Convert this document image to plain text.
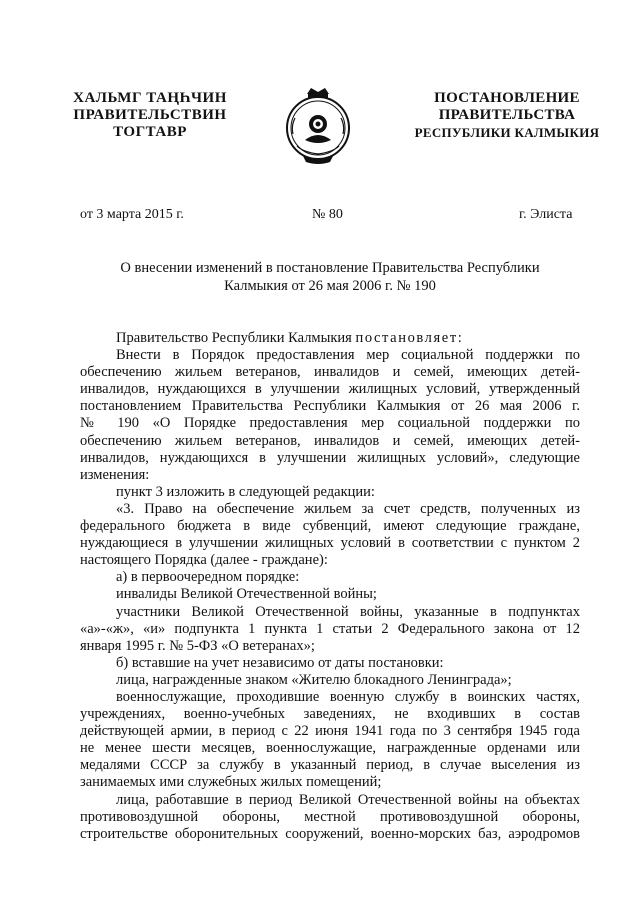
ХАЛЬМГ ТАҢҺЧИН
ПРАВИТЕЛЬСТВИН
ТОГТАВР
ПОСТАНОВЛЕНИЕ
ПРАВИТЕЛЬСТВА
РЕСПУБЛИКИ КАЛМЫКИЯ
от 3 марта 2015 г.	№ 80	г. Элиста
О внесении изменений в постановление Правительства Республики
Калмыкия от 26 мая 2006 г. № 190
Правительство Республики Калмыкия постановляет:
Внести в Порядок предоставления мер социальной поддержки по
обеспечению жильем ветеранов, инвалидов и семей, имеющих детей-
инвалидов, нуждающихся в улучшении жилищных условий, утвержденный
постановлением Правительства Республики Калмыкия от 26 мая 2006 г.
№ 190 «О Порядке предоставления мер социальной поддержки по
обеспечению жильем ветеранов, инвалидов и семей, имеющих детей-
инвалидов, нуждающихся в улучшении жилищных условий», следующие
изменения:
пункт 3 изложить в следующей редакции:
«3. Право на обеспечение жильем за счет средств, полученных из
федерального бюджета в виде субвенций, имеют следующие граждане,
нуждающиеся в улучшении жилищных условий в соответствии с пунктом 2
настоящего Порядка (далее - граждане):
а) в первоочередном порядке:
инвалиды Великой Отечественной войны;
участники Великой Отечественной войны, указанные в подпунктах
«а»-«ж», «и» подпункта 1 пункта 1 статьи 2 Федерального закона от 12
января 1995 г. № 5-ФЗ «О ветеранах»;
б) вставшие на учет независимо от даты постановки:
лица, награжденные знаком «Жителю блокадного Ленинграда»;
военнослужащие, проходившие военную службу в воинских частях,
учреждениях, военно-учебных заведениях, не входивших в состав
действующей армии, в период с 22 июня 1941 года по 3 сентября 1945 года
не менее шести месяцев, военнослужащие, награжденные орденами или
медалями СССР за службу в указанный период, в случае выселения из
занимаемых ими служебных жилых помещений;
лица, работавшие в период Великой Отечественной войны на объектах
противовоздушной обороны, местной противовоздушной обороны,
строительстве оборонительных сооружений, военно-морских баз, аэродромов
